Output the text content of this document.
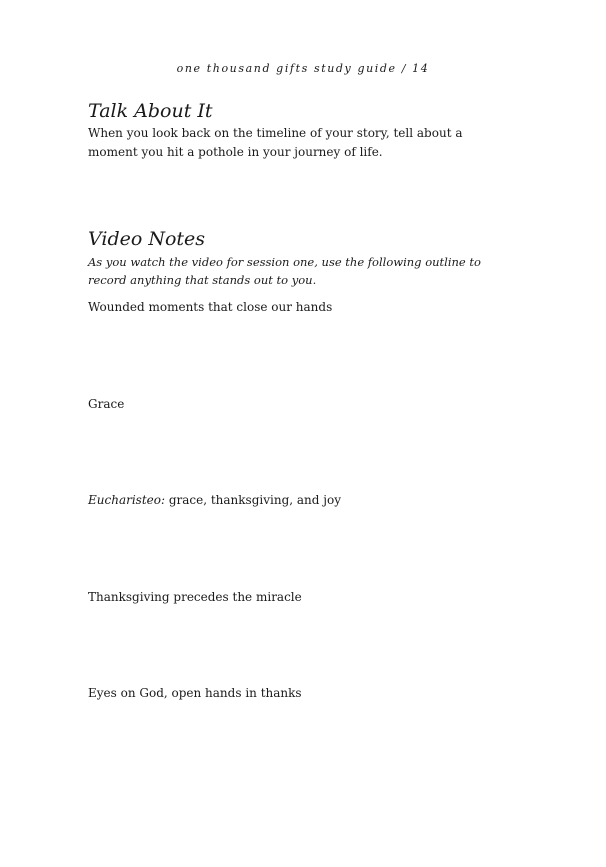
one thousand gifts study guide / 14
Talk About It

When you look back on the timeline of your story, tell about a moment you hit a pothole in your journey of life.

Video Notes

As you watch the video for session one, use the following outline to record anything that stands out to you.

Wounded moments that close our hands

Grace

Eucharisteo: grace, thanksgiving, and joy

Thanksgiving precedes the miracle

Eyes on God, open hands in thanks
